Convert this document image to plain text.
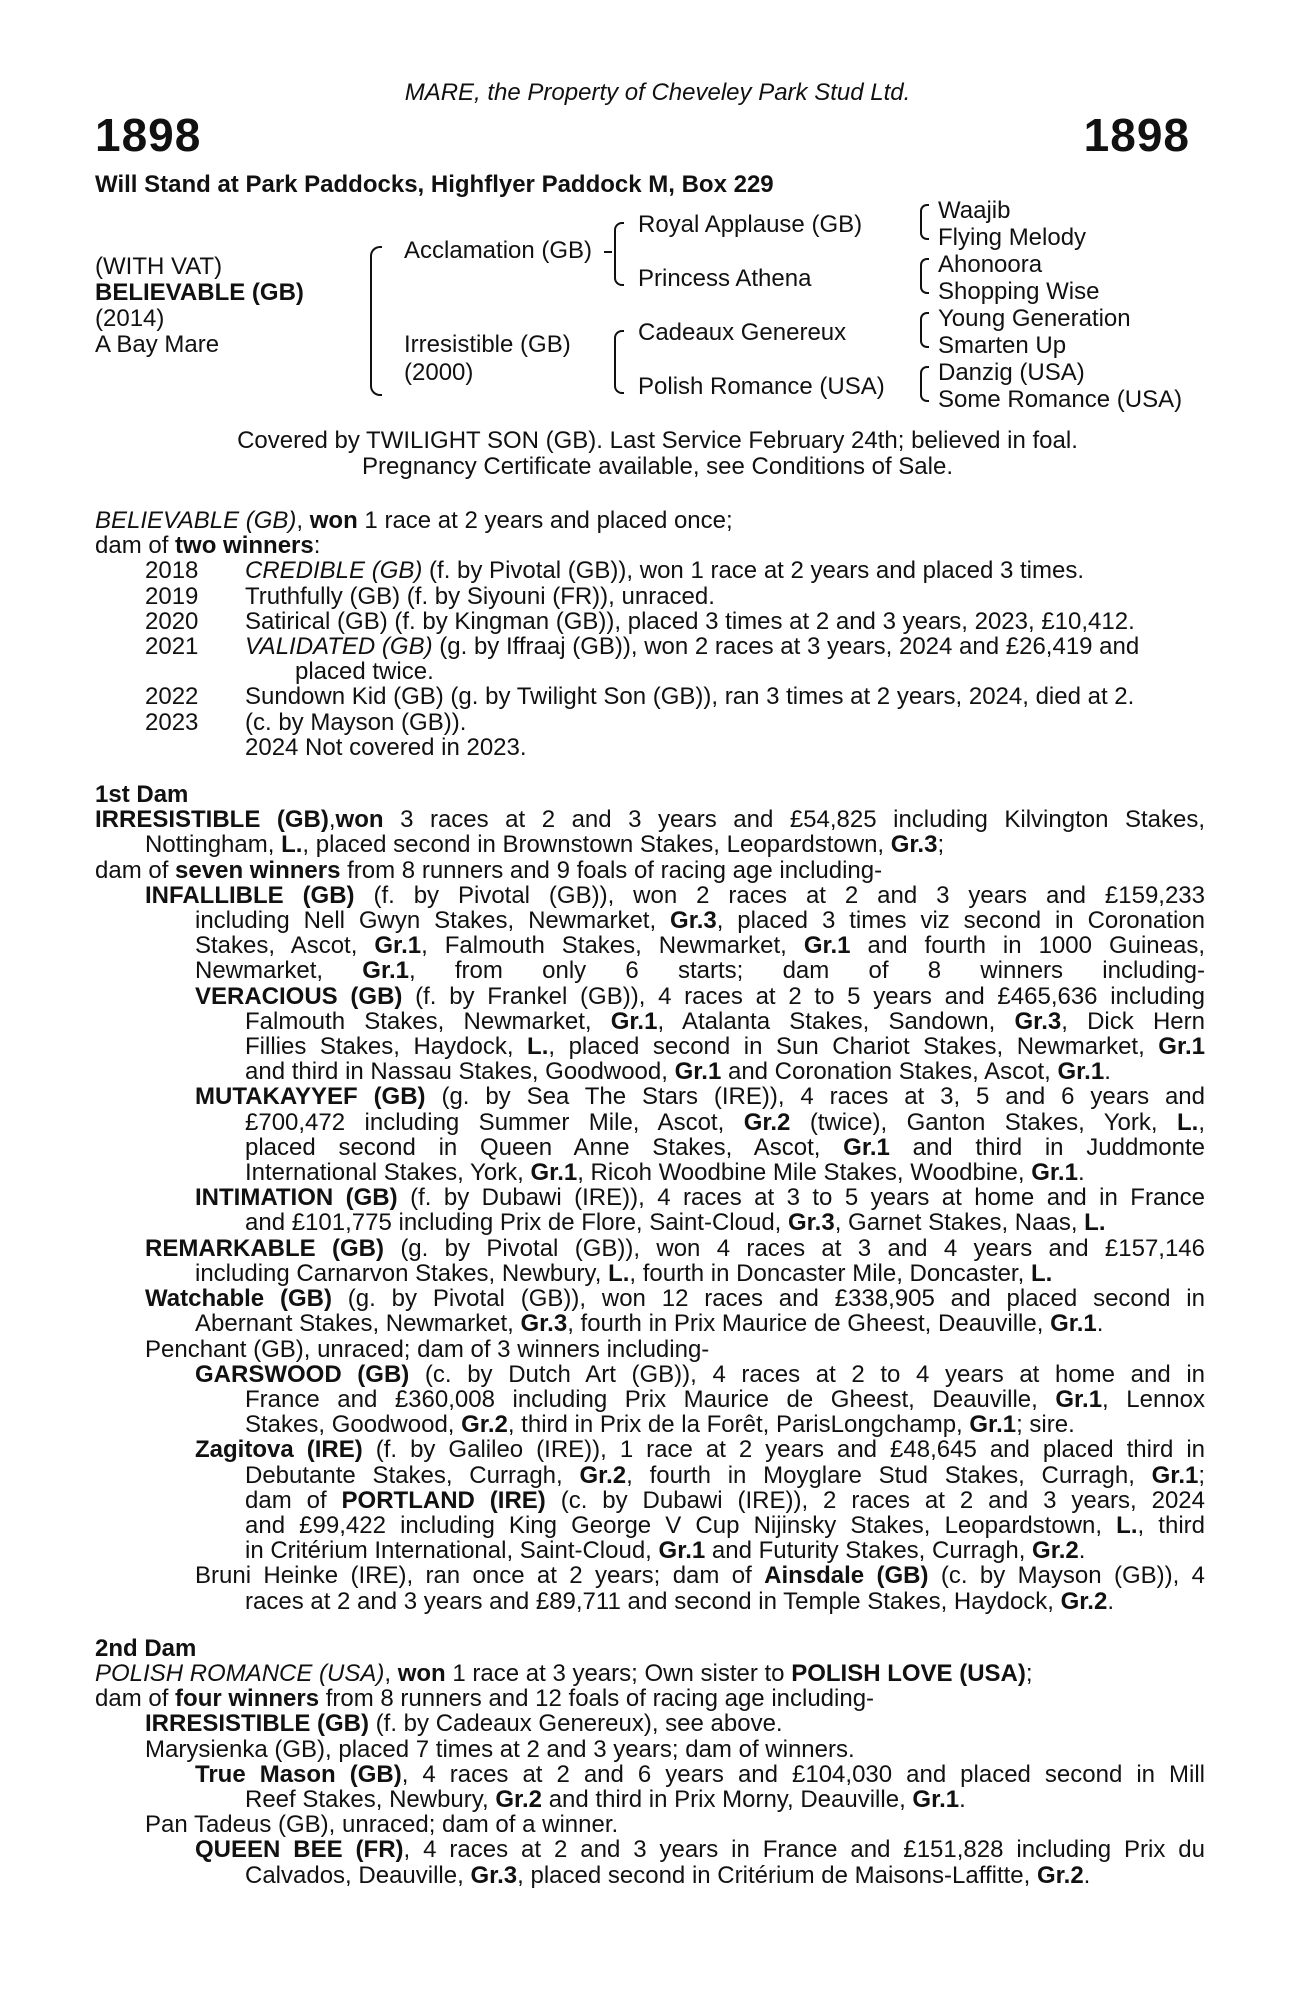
MARE, the Property of Cheveley Park Stud Ltd.
1898	1898
Will Stand at Park Paddocks, Highflyer Paddock M, Box 229
(WITH VAT)
BELIEVABLE (GB)
(2014)
A Bay Mare
Acclamation (GB)
Irresistible (GB)
(2000)
Royal Applause (GB)
Princess Athena
Cadeaux Genereux
Polish Romance (USA)
Waajib
Flying Melody
Ahonoora
Shopping Wise
Young Generation
Smarten Up
Danzig (USA)
Some Romance (USA)
Covered by TWILIGHT SON (GB). Last Service February 24th; believed in foal.
Pregnancy Certificate available, see Conditions of Sale.
BELIEVABLE (GB), won 1 race at 2 years and placed once;
dam of two winners:
2018 CREDIBLE (GB) (f. by Pivotal (GB)), won 1 race at 2 years and placed 3 times.
2019 Truthfully (GB) (f. by Siyouni (FR)), unraced.
2020 Satirical (GB) (f. by Kingman (GB)), placed 3 times at 2 and 3 years, 2023, £10,412.
2021 VALIDATED (GB) (g. by Iffraaj (GB)), won 2 races at 3 years, 2024 and £26,419 and
placed twice.
2022 Sundown Kid (GB) (g. by Twilight Son (GB)), ran 3 times at 2 years, 2024, died at 2.
2023 (c. by Mayson (GB)).
2024 Not covered in 2023.
1st Dam
IRRESISTIBLE (GB),won 3 races at 2 and 3 years and £54,825 including Kilvington Stakes,
Nottingham, L., placed second in Brownstown Stakes, Leopardstown, Gr.3;
dam of seven winners from 8 runners and 9 foals of racing age including-
INFALLIBLE (GB) (f. by Pivotal (GB)), won 2 races at 2 and 3 years and £159,233
including Nell Gwyn Stakes, Newmarket, Gr.3, placed 3 times viz second in Coronation
Stakes, Ascot, Gr.1, Falmouth Stakes, Newmarket, Gr.1 and fourth in 1000 Guineas,
Newmarket, Gr.1, from only 6 starts; dam of 8 winners including-
VERACIOUS (GB) (f. by Frankel (GB)), 4 races at 2 to 5 years and £465,636 including
Falmouth Stakes, Newmarket, Gr.1, Atalanta Stakes, Sandown, Gr.3, Dick Hern
Fillies Stakes, Haydock, L., placed second in Sun Chariot Stakes, Newmarket, Gr.1
and third in Nassau Stakes, Goodwood, Gr.1 and Coronation Stakes, Ascot, Gr.1.
MUTAKAYYEF (GB) (g. by Sea The Stars (IRE)), 4 races at 3, 5 and 6 years and
£700,472 including Summer Mile, Ascot, Gr.2 (twice), Ganton Stakes, York, L.,
placed second in Queen Anne Stakes, Ascot, Gr.1 and third in Juddmonte
International Stakes, York, Gr.1, Ricoh Woodbine Mile Stakes, Woodbine, Gr.1.
INTIMATION (GB) (f. by Dubawi (IRE)), 4 races at 3 to 5 years at home and in France
and £101,775 including Prix de Flore, Saint-Cloud, Gr.3, Garnet Stakes, Naas, L.
REMARKABLE (GB) (g. by Pivotal (GB)), won 4 races at 3 and 4 years and £157,146
including Carnarvon Stakes, Newbury, L., fourth in Doncaster Mile, Doncaster, L.
Watchable (GB) (g. by Pivotal (GB)), won 12 races and £338,905 and placed second in
Abernant Stakes, Newmarket, Gr.3, fourth in Prix Maurice de Gheest, Deauville, Gr.1.
Penchant (GB), unraced; dam of 3 winners including-
GARSWOOD (GB) (c. by Dutch Art (GB)), 4 races at 2 to 4 years at home and in
France and £360,008 including Prix Maurice de Gheest, Deauville, Gr.1, Lennox
Stakes, Goodwood, Gr.2, third in Prix de la Forêt, ParisLongchamp, Gr.1; sire.
Zagitova (IRE) (f. by Galileo (IRE)), 1 race at 2 years and £48,645 and placed third in
Debutante Stakes, Curragh, Gr.2, fourth in Moyglare Stud Stakes, Curragh, Gr.1;
dam of PORTLAND (IRE) (c. by Dubawi (IRE)), 2 races at 2 and 3 years, 2024
and £99,422 including King George V Cup Nijinsky Stakes, Leopardstown, L., third
in Critérium International, Saint-Cloud, Gr.1 and Futurity Stakes, Curragh, Gr.2.
Bruni Heinke (IRE), ran once at 2 years; dam of Ainsdale (GB) (c. by Mayson (GB)), 4
races at 2 and 3 years and £89,711 and second in Temple Stakes, Haydock, Gr.2.
2nd Dam
POLISH ROMANCE (USA), won 1 race at 3 years; Own sister to POLISH LOVE (USA);
dam of four winners from 8 runners and 12 foals of racing age including-
IRRESISTIBLE (GB) (f. by Cadeaux Genereux), see above.
Marysienka (GB), placed 7 times at 2 and 3 years; dam of winners.
True Mason (GB), 4 races at 2 and 6 years and £104,030 and placed second in Mill
Reef Stakes, Newbury, Gr.2 and third in Prix Morny, Deauville, Gr.1.
Pan Tadeus (GB), unraced; dam of a winner.
QUEEN BEE (FR), 4 races at 2 and 3 years in France and £151,828 including Prix du
Calvados, Deauville, Gr.3, placed second in Critérium de Maisons-Laffitte, Gr.2.
